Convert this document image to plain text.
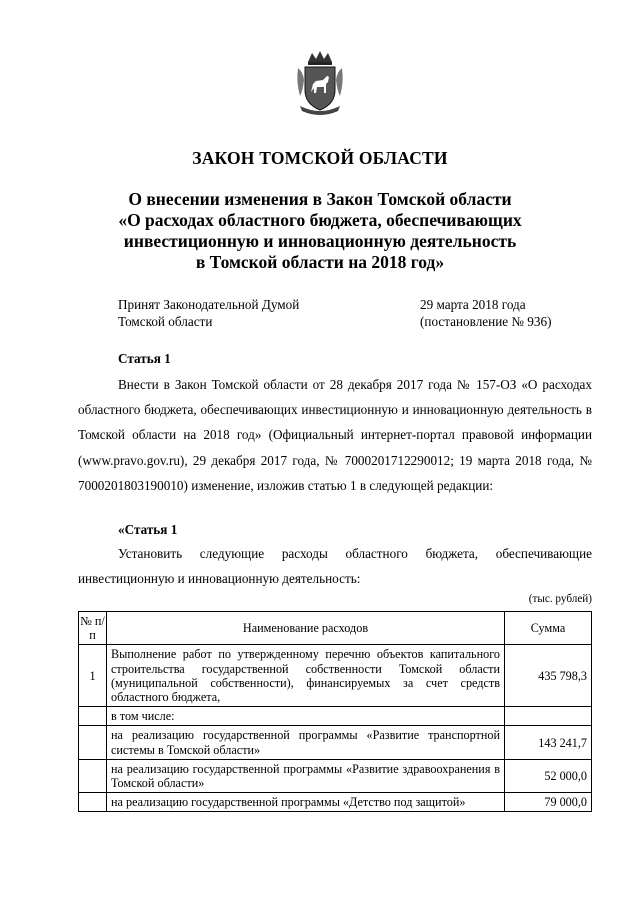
ЗАКОН ТОМСКОЙ ОБЛАСТИ
О внесении изменения в Закон Томской области
«О расходах областного бюджета, обеспечивающих
инвестиционную и инновационную деятельность
в Томской области на 2018 год»
Принят Законодательной Думой
Томской области
29 марта 2018 года
(постановление № 936)
Статья 1
Внести в Закон Томской области от 28 декабря 2017 года № 157-ОЗ «О расходах областного бюджета, обеспечивающих инвестиционную и инновационную деятельность в Томской области на 2018 год» (Официальный интернет-портал правовой информации (www.pravo.gov.ru), 29 декабря 2017 года, № 7000201712290012; 19 марта 2018 года, № 7000201803190010) изменение, изложив статью 1 в следующей редакции:
«Статья 1
Установить следующие расходы областного бюджета, обеспечивающие инвестиционную и инновационную деятельность:
(тыс. рублей)
№ п/п	Наименование расходов	Сумма
1	Выполнение работ по утвержденному перечню объектов капитального строительства государственной собственности Томской области (муниципальной собственности), финансируемых за счет средств областного бюджета,	435 798,3
	в том числе:	
	на реализацию государственной программы «Развитие транспортной системы в Томской области»	143 241,7
	на реализацию государственной программы «Развитие здравоохранения в Томской области»	52 000,0
	на реализацию государственной программы «Детство под защитой»	79 000,0
